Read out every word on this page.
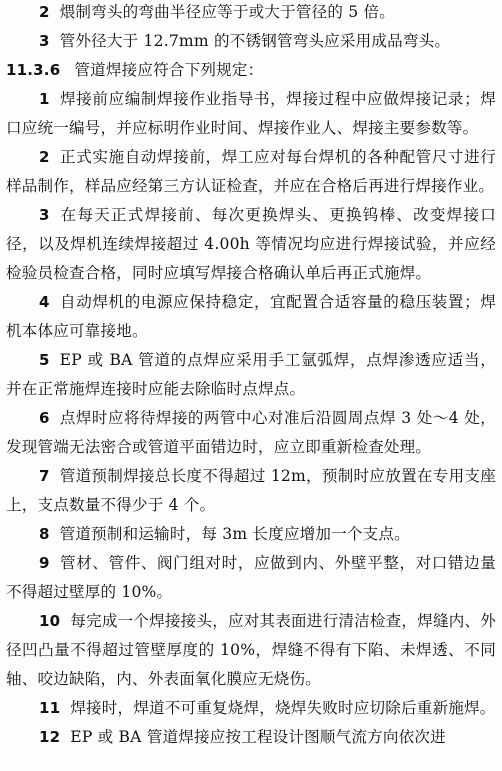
2 煨制弯头的弯曲半径应等于或大于管径的 5 倍。

3 管外径大于 12.7mm 的不锈钢管弯头应采用成品弯头。

11.3.6 管道焊接应符合下列规定：

1 焊接前应编制焊接作业指导书，焊接过程中应做焊接记录；焊口应统一编号，并应标明作业时间、焊接作业人、焊接主要参数等。

2 正式实施自动焊接前，焊工应对每台焊机的各种配管尺寸进行样品制作，样品应经第三方认证检查，并应在合格后再进行焊接作业。

3 在每天正式焊接前、每次更换焊头、更换钨棒、改变焊接口径，以及焊机连续焊接超过 4.00h 等情况均应进行焊接试验，并应经检验员检查合格，同时应填写焊接合格确认单后再正式施焊。

4 自动焊机的电源应保持稳定，宜配置合适容量的稳压装置；焊机本体应可靠接地。

5 EP 或 BA 管道的点焊应采用手工氩弧焊，点焊渗透应适当，并在正常施焊连接时应能去除临时点焊点。

6 点焊时应将待焊接的两管中心对准后沿圆周点焊 3 处～4 处，发现管端无法密合或管道平面错边时，应立即重新检查处理。

7 管道预制焊接总长度不得超过 12m，预制时应放置在专用支座上，支点数量不得少于 4 个。

8 管道预制和运输时，每 3m 长度应增加一个支点。

9 管材、管件、阀门组对时，应做到内、外壁平整，对口错边量不得超过壁厚的 10%。

10 每完成一个焊接接头，应对其表面进行清洁检查，焊缝内、外径凹凸量不得超过管壁厚度的 10%，焊缝不得有下陷、未焊透、不同轴、咬边缺陷，内、外表面氧化膜应无烧伤。

11 焊接时，焊道不可重复烧焊，烧焊失败时应切除后重新施焊。

12 EP 或 BA 管道焊接应按工程设计图顺气流方向依次进
